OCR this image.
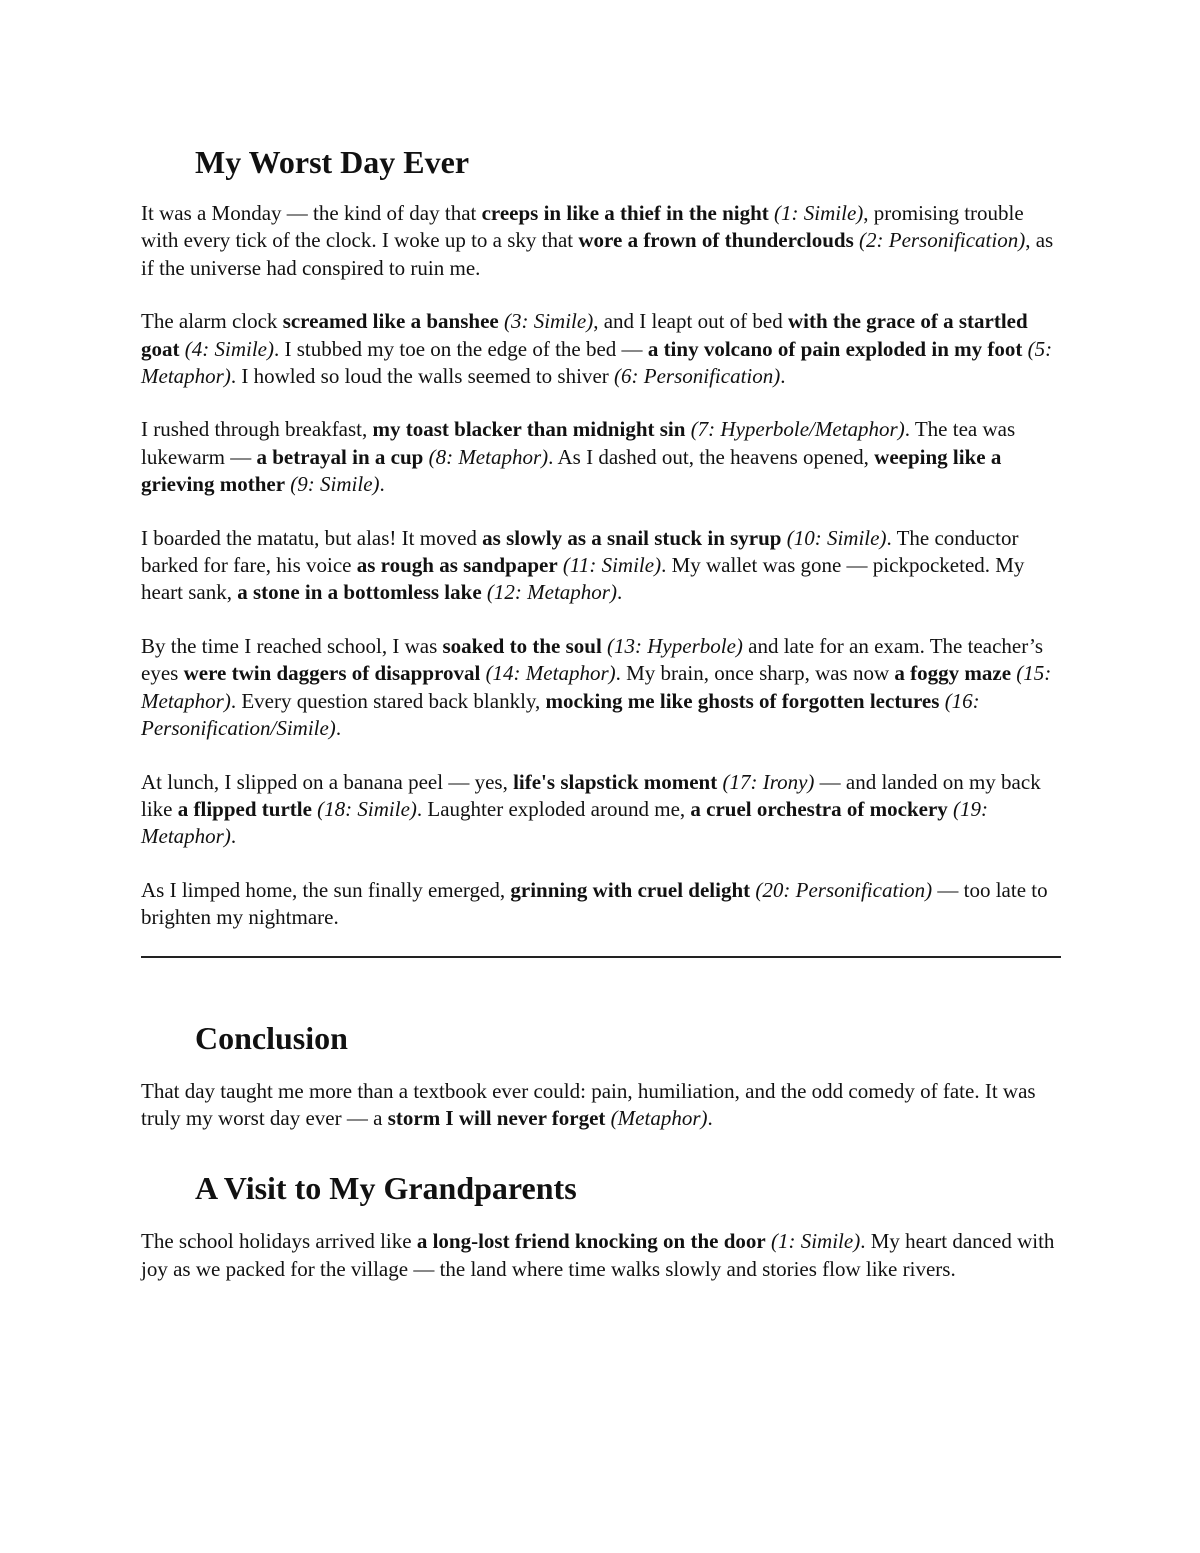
My Worst Day Ever

It was a Monday — the kind of day that creeps in like a thief in the night (1: Simile), promising trouble with every tick of the clock. I woke up to a sky that wore a frown of thunderclouds (2: Personification), as if the universe had conspired to ruin me.

The alarm clock screamed like a banshee (3: Simile), and I leapt out of bed with the grace of a startled goat (4: Simile). I stubbed my toe on the edge of the bed — a tiny volcano of pain exploded in my foot (5: Metaphor). I howled so loud the walls seemed to shiver (6: Personification).

I rushed through breakfast, my toast blacker than midnight sin (7: Hyperbole/Metaphor). The tea was lukewarm — a betrayal in a cup (8: Metaphor). As I dashed out, the heavens opened, weeping like a grieving mother (9: Simile).

I boarded the matatu, but alas! It moved as slowly as a snail stuck in syrup (10: Simile). The conductor barked for fare, his voice as rough as sandpaper (11: Simile). My wallet was gone — pickpocketed. My heart sank, a stone in a bottomless lake (12: Metaphor).

By the time I reached school, I was soaked to the soul (13: Hyperbole) and late for an exam. The teacher’s eyes were twin daggers of disapproval (14: Metaphor). My brain, once sharp, was now a foggy maze (15: Metaphor). Every question stared back blankly, mocking me like ghosts of forgotten lectures (16: Personification/Simile).

At lunch, I slipped on a banana peel — yes, life's slapstick moment (17: Irony) — and landed on my back like a flipped turtle (18: Simile). Laughter exploded around me, a cruel orchestra of mockery (19: Metaphor).

As I limped home, the sun finally emerged, grinning with cruel delight (20: Personification) — too late to brighten my nightmare.

Conclusion

That day taught me more than a textbook ever could: pain, humiliation, and the odd comedy of fate. It was truly my worst day ever — a storm I will never forget (Metaphor).

A Visit to My Grandparents

The school holidays arrived like a long-lost friend knocking on the door (1: Simile). My heart danced with joy as we packed for the village — the land where time walks slowly and stories flow like rivers.
